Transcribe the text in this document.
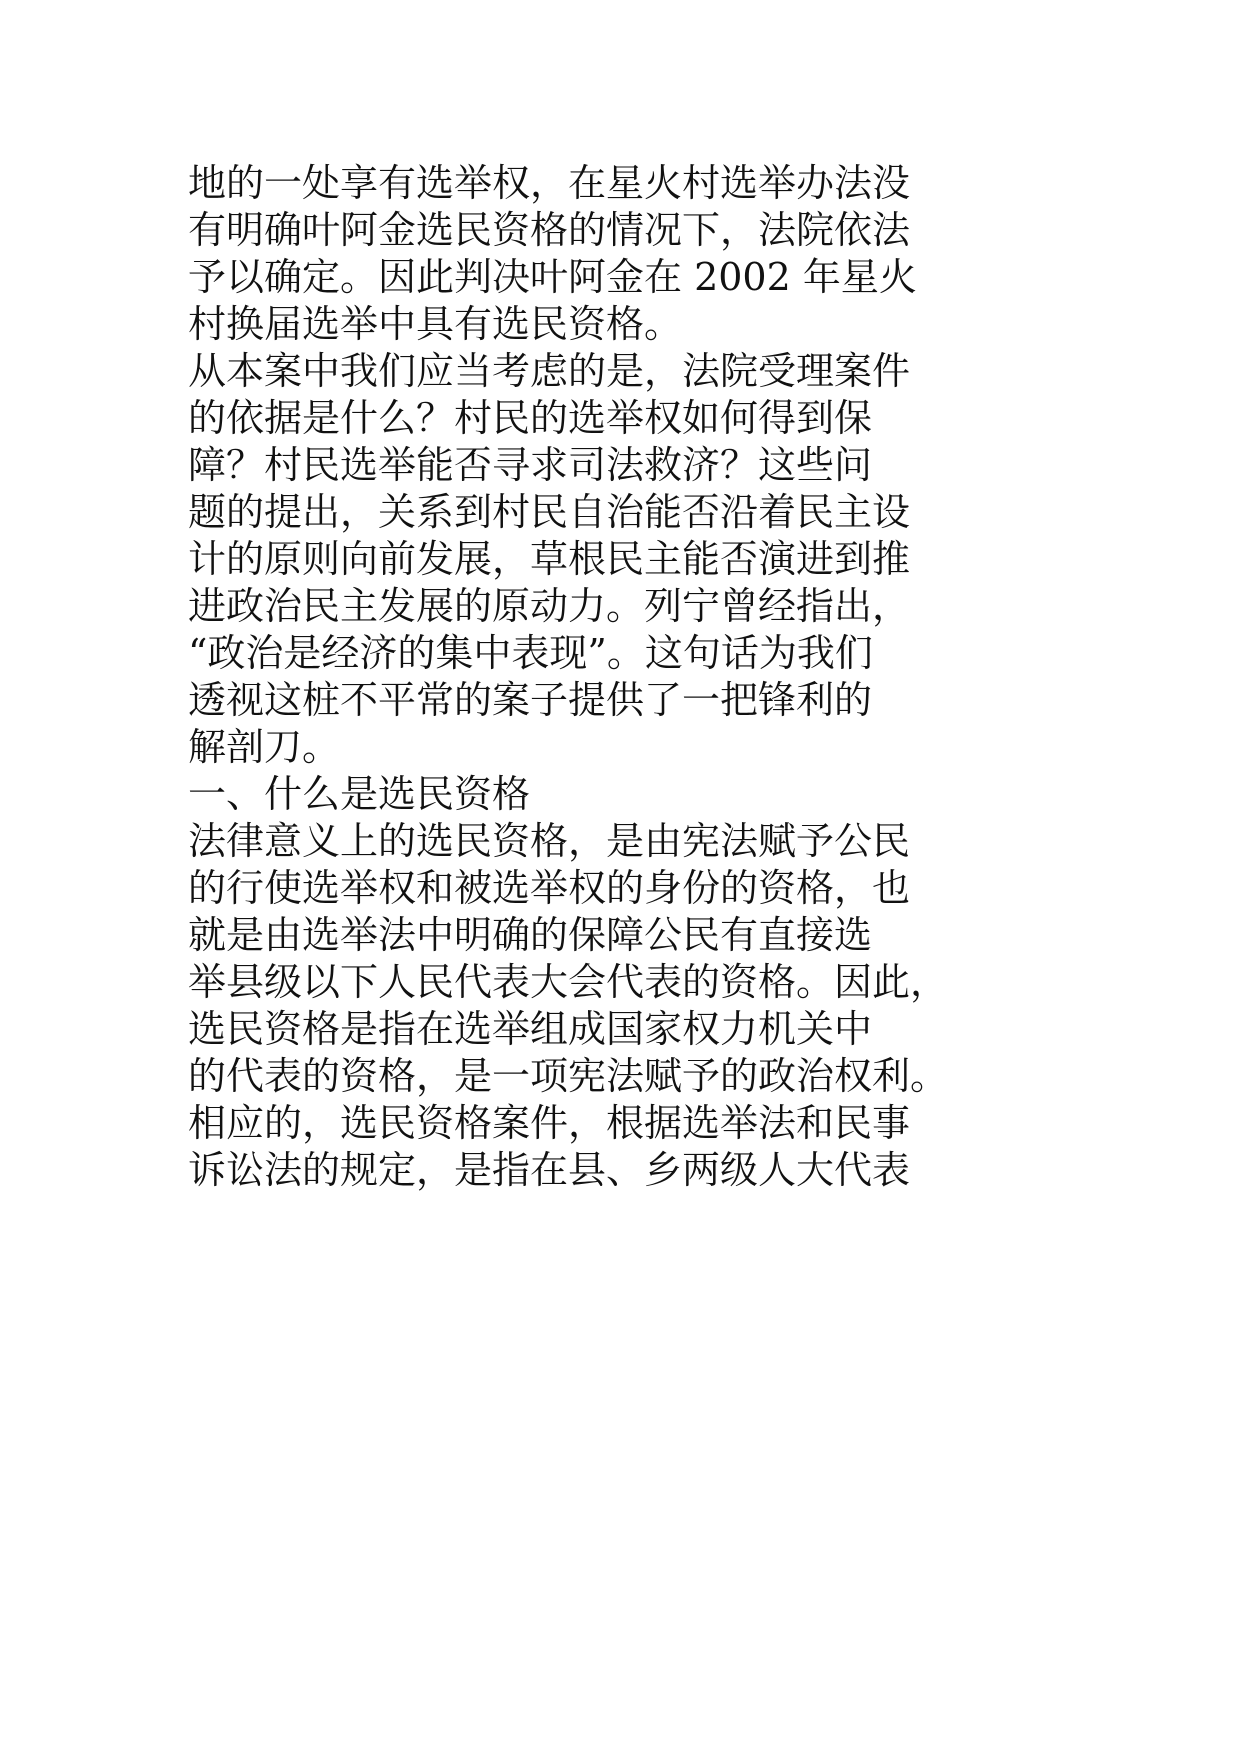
地的一处享有选举权，在星火村选举办法没
有明确叶阿金选民资格的情况下，法院依法
予以确定。因此判决叶阿金在 2002 年星火
村换届选举中具有选民资格。
从本案中我们应当考虑的是，法院受理案件
的依据是什么？村民的选举权如何得到保
障？村民选举能否寻求司法救济？这些问
题的提出，关系到村民自治能否沿着民主设
计的原则向前发展，草根民主能否演进到推
进政治民主发展的原动力。列宁曾经指出，
“政治是经济的集中表现”。这句话为我们
透视这桩不平常的案子提供了一把锋利的
解剖刀。
一、什么是选民资格
法律意义上的选民资格，是由宪法赋予公民
的行使选举权和被选举权的身份的资格，也
就是由选举法中明确的保障公民有直接选
举县级以下人民代表大会代表的资格。因此，
选民资格是指在选举组成国家权力机关中
的代表的资格，是一项宪法赋予的政治权利。
相应的，选民资格案件，根据选举法和民事
诉讼法的规定，是指在县、乡两级人大代表
